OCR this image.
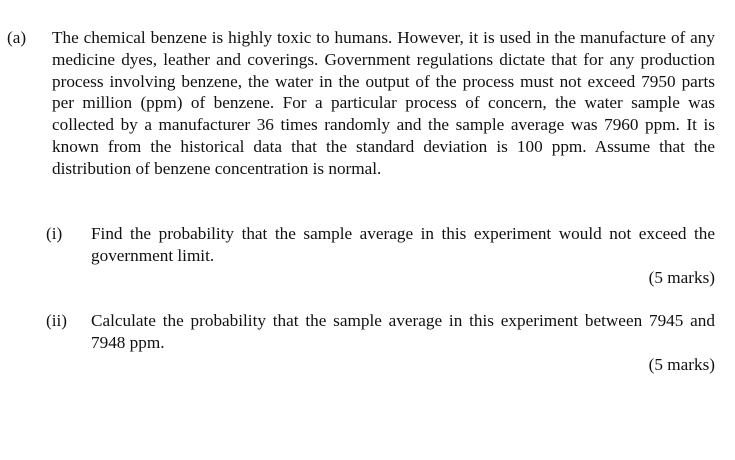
(a) The chemical benzene is highly toxic to humans. However, it is used in the manufacture of any medicine dyes, leather and coverings. Government regulations dictate that for any production process involving benzene, the water in the output of the process must not exceed 7950 parts per million (ppm) of benzene. For a particular process of concern, the water sample was collected by a manufacturer 36 times randomly and the sample average was 7960 ppm. It is known from the historical data that the standard deviation is 100 ppm. Assume that the distribution of benzene concentration is normal.
(i) Find the probability that the sample average in this experiment would not exceed the government limit.
(5 marks)
(ii) Calculate the probability that the sample average in this experiment between 7945 and 7948 ppm.
(5 marks)
